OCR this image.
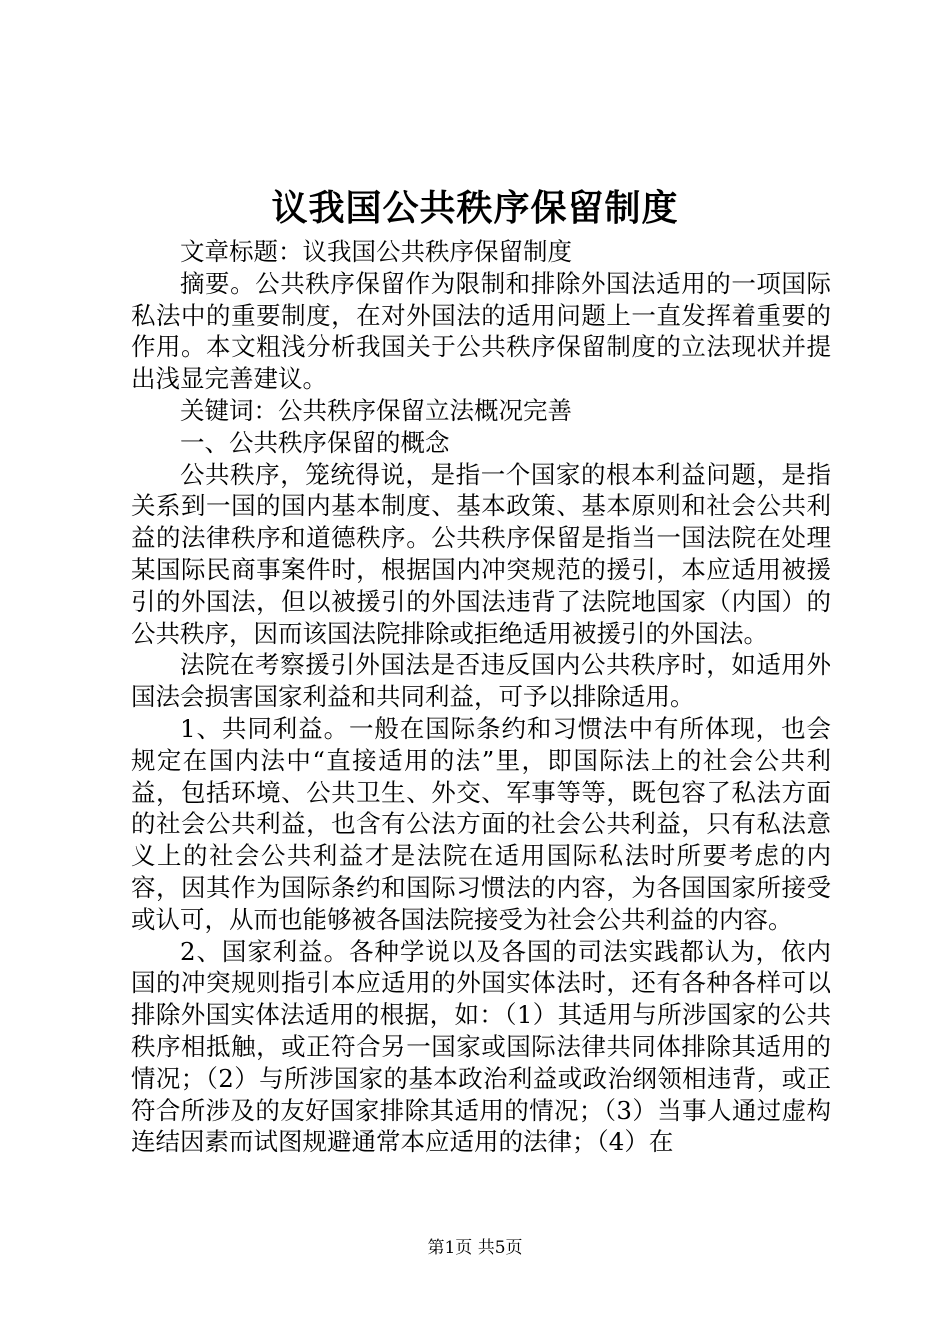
议我国公共秩序保留制度

文章标题：议我国公共秩序保留制度

摘要。公共秩序保留作为限制和排除外国法适用的一项国际私法中的重要制度，在对外国法的适用问题上一直发挥着重要的作用。本文粗浅分析我国关于公共秩序保留制度的立法现状并提出浅显完善建议。

关键词：公共秩序保留立法概况完善

一、公共秩序保留的概念

公共秩序，笼统得说，是指一个国家的根本利益问题，是指关系到一国的国内基本制度、基本政策、基本原则和社会公共利益的法律秩序和道德秩序。公共秩序保留是指当一国法院在处理某国际民商事案件时，根据国内冲突规范的援引，本应适用被援引的外国法，但以被援引的外国法违背了法院地国家（内国）的公共秩序，因而该国法院排除或拒绝适用被援引的外国法。

法院在考察援引外国法是否违反国内公共秩序时，如适用外国法会损害国家利益和共同利益，可予以排除适用。

1、共同利益。一般在国际条约和习惯法中有所体现，也会规定在国内法中“直接适用的法”里，即国际法上的社会公共利益，包括环境、公共卫生、外交、军事等等，既包容了私法方面的社会公共利益，也含有公法方面的社会公共利益，只有私法意义上的社会公共利益才是法院在适用国际私法时所要考虑的内容，因其作为国际条约和国际习惯法的内容，为各国国家所接受或认可，从而也能够被各国法院接受为社会公共利益的内容。

2、国家利益。各种学说以及各国的司法实践都认为，依内国的冲突规则指引本应适用的外国实体法时，还有各种各样可以排除外国实体法适用的根据，如：（1）其适用与所涉国家的公共秩序相抵触，或正符合另一国家或国际法律共同体排除其适用的情况；（2）与所涉国家的基本政治利益或政治纲领相违背，或正符合所涉及的友好国家排除其适用的情况；（3）当事人通过虚构连结因素而试图规避通常本应适用的法律；（4）在

第1页 共5页
